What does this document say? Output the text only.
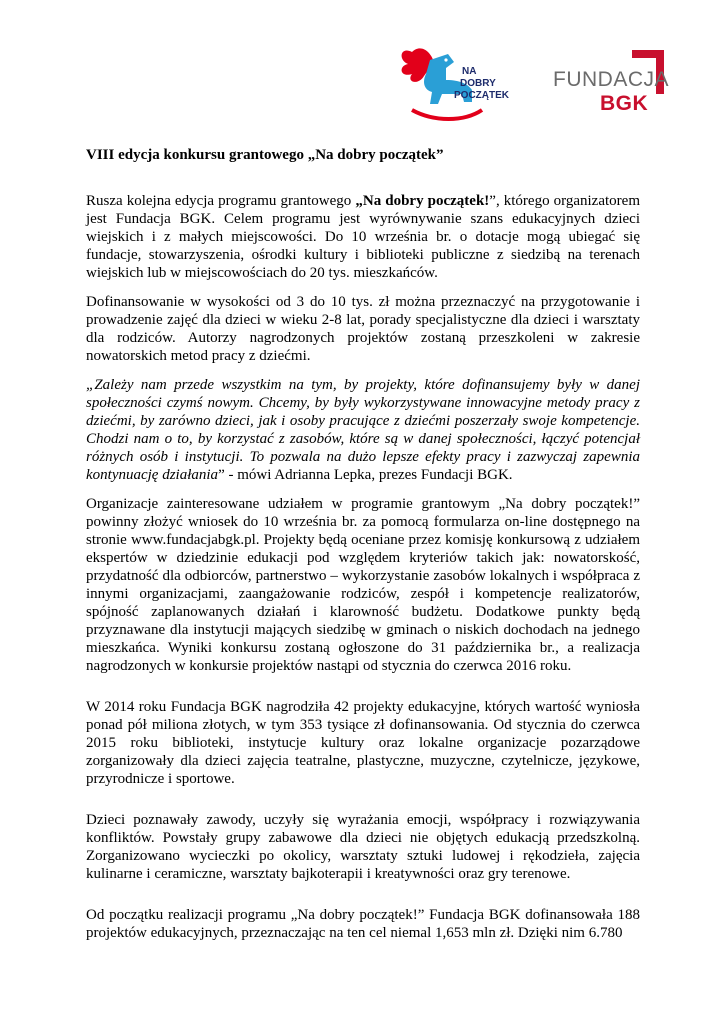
NA
DOBRY
POCZĄTEK
FUNDACJA
BGK
VIII edycja konkursu grantowego „Na dobry początek”

Rusza kolejna edycja programu grantowego „Na dobry początek!”, którego organizatorem jest Fundacja BGK. Celem programu jest wyrównywanie szans edukacyjnych dzieci wiejskich i z małych miejscowości. Do 10 września br. o dotacje mogą ubiegać się fundacje, stowarzyszenia, ośrodki kultury i biblioteki publiczne z siedzibą na terenach wiejskich lub w miejscowościach do 20 tys. mieszkańców.

Dofinansowanie w wysokości od 3 do 10 tys. zł można przeznaczyć na przygotowanie i prowadzenie zajęć dla dzieci w wieku 2-8 lat, porady specjalistyczne dla dzieci i warsztaty dla rodziców. Autorzy nagrodzonych projektów zostaną przeszkoleni w zakresie nowatorskich metod pracy z dziećmi.

„Zależy nam przede wszystkim na tym, by projekty, które dofinansujemy były w danej społeczności czymś nowym. Chcemy, by były wykorzystywane innowacyjne metody pracy z dziećmi, by zarówno dzieci, jak i osoby pracujące z dziećmi poszerzały swoje kompetencje. Chodzi nam o to, by korzystać z zasobów, które są w danej społeczności, łączyć potencjał różnych osób i instytucji. To pozwala na dużo lepsze efekty pracy i zazwyczaj zapewnia kontynuację działania” - mówi Adrianna Lepka, prezes Fundacji BGK.

Organizacje zainteresowane udziałem w programie grantowym „Na dobry początek!” powinny złożyć wniosek do 10 września br. za pomocą formularza on-line dostępnego na stronie www.fundacjabgk.pl. Projekty będą oceniane przez komisję konkursową z udziałem ekspertów w dziedzinie edukacji pod względem kryteriów takich jak: nowatorskość, przydatność dla odbiorców, partnerstwo – wykorzystanie zasobów lokalnych i współpraca z innymi organizacjami, zaangażowanie rodziców, zespół i kompetencje realizatorów, spójność zaplanowanych działań i klarowność budżetu. Dodatkowe punkty będą przyznawane dla instytucji mających siedzibę w gminach o niskich dochodach na jednego mieszkańca. Wyniki konkursu zostaną ogłoszone do 31 października br., a realizacja nagrodzonych w konkursie projektów nastąpi od stycznia do czerwca 2016 roku.

W 2014 roku Fundacja BGK nagrodziła 42 projekty edukacyjne, których wartość wyniosła ponad pół miliona złotych, w tym 353 tysiące zł dofinansowania. Od stycznia do czerwca 2015 roku biblioteki, instytucje kultury oraz lokalne organizacje pozarządowe zorganizowały dla dzieci zajęcia teatralne, plastyczne, muzyczne, czytelnicze, językowe, przyrodnicze i sportowe.

Dzieci poznawały zawody, uczyły się wyrażania emocji, współpracy i rozwiązywania konfliktów. Powstały grupy zabawowe dla dzieci nie objętych edukacją przedszkolną. Zorganizowano wycieczki po okolicy, warsztaty sztuki ludowej i rękodzieła, zajęcia kulinarne i ceramiczne, warsztaty bajkoterapii i kreatywności oraz gry terenowe.

Od początku realizacji programu „Na dobry początek!” Fundacja BGK dofinansowała 188 projektów edukacyjnych, przeznaczając na ten cel niemal 1,653 mln zł. Dzięki nim 6.780
